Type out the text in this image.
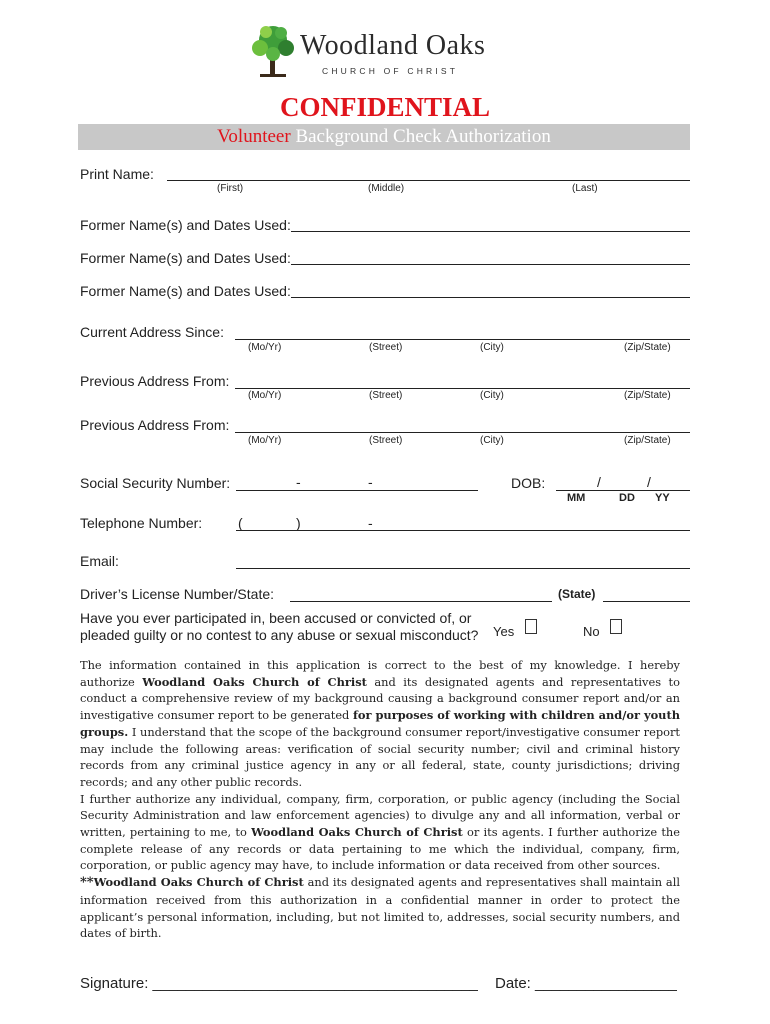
Woodland Oaks
CHURCH OF CHRIST
CONFIDENTIAL
Volunteer Background Check Authorization
Print Name:
(First)	(Middle)	(Last)
Former Name(s) and Dates Used:
Former Name(s) and Dates Used:
Former Name(s) and Dates Used:
Current Address Since:
(Mo/Yr)	(Street)	(City)	(Zip/State)
Previous Address From:
(Mo/Yr)	(Street)	(City)	(Zip/State)
Previous Address From:
(Mo/Yr)	(Street)	(City)	(Zip/State)
Social Security Number:	-	-	DOB:	/	/
MM	DD YY
Telephone Number:	(	)	-
Email:
Driver’s License Number/State:	(State)
Have you ever participated in, been accused or convicted of, or
pleaded guilty or no contest to any abuse or sexual misconduct? Yes	No

The information contained in this application is correct to the best of my knowledge. I hereby authorize Woodland Oaks Church of Christ and its designated agents and representatives to conduct a comprehensive review of my background causing a background consumer report and/or an investigative consumer report to be generated for purposes of working with children and/or youth groups. I understand that the scope of the background consumer report/investigative consumer report may include the following areas: verification of social security number; civil and criminal history records from any criminal justice agency in any or all federal, state, county jurisdictions; driving records; and any other public records.

I further authorize any individual, company, firm, corporation, or public agency (including the Social Security Administration and law enforcement agencies) to divulge any and all information, verbal or written, pertaining to me, to Woodland Oaks Church of Christ or its agents. I further authorize the complete release of any records or data pertaining to me which the individual, company, firm, corporation, or public agency may have, to include information or data received from other sources.

**Woodland Oaks Church of Christ and its designated agents and representatives shall maintain all information received from this authorization in a confidential manner in order to protect the applicant’s personal information, including, but not limited to, addresses, social security numbers, and dates of birth.

Signature: _______________________________________ Date: _________________
